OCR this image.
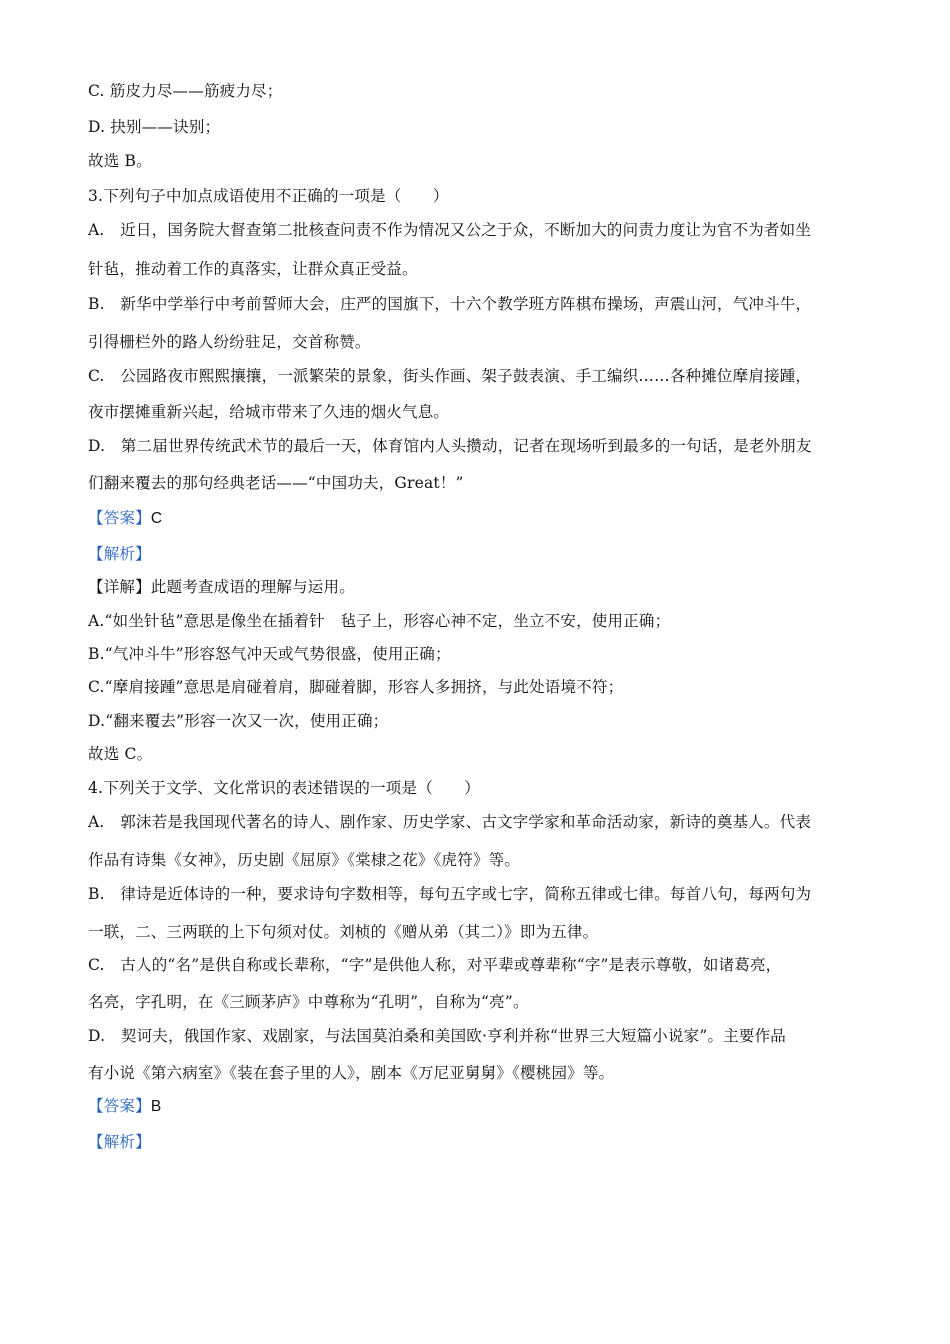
C. 筋皮力尽——筋疲力尽；

D. 抉别——诀别；

故选 B。

3.下列句子中加点成语使用不正确的一项是（　　）

A.　近日，国务院大督查第二批核查问责不作为情况又公之于众，不断加大的问责力度让为官不为者如坐

针毡，推动着工作的真落实，让群众真正受益。

B.　新华中学举行中考前誓师大会，庄严的国旗下，十六个教学班方阵棋布操场，声震山河，气冲斗牛，

引得栅栏外的路人纷纷驻足，交首称赞。

C.　公园路夜市熙熙攘攘，一派繁荣的景象，街头作画、架子鼓表演、手工编织……各种摊位摩肩接踵，

夜市摆摊重新兴起，给城市带来了久违的烟火气息。

D.　第二届世界传统武术节的最后一天，体育馆内人头攒动，记者在现场听到最多的一句话，是老外朋友

们翻来覆去的那句经典老话——“中国功夫，Great！”

【答案】C

【解析】

【详解】此题考查成语的理解与运用。

A.“如坐针毡”意思是像坐在插着针　毡子上，形容心神不定，坐立不安，使用正确；

B.“气冲斗牛”形容怒气冲天或气势很盛，使用正确；

C.“摩肩接踵”意思是肩碰着肩，脚碰着脚，形容人多拥挤，与此处语境不符；

D.“翻来覆去”形容一次又一次，使用正确；

故选 C。

4.下列关于文学、文化常识的表述错误的一项是（　　）

A.　郭沫若是我国现代著名的诗人、剧作家、历史学家、古文字学家和革命活动家，新诗的奠基人。代表

作品有诗集《女神》，历史剧《屈原》《棠棣之花》《虎符》等。

B.　律诗是近体诗的一种，要求诗句字数相等，每句五字或七字，简称五律或七律。每首八句，每两句为

一联，二、三两联的上下句须对仗。刘桢的《赠从弟（其二）》即为五律。

C.　古人的“名”是供自称或长辈称，“字”是供他人称，对平辈或尊辈称“字”是表示尊敬，如诸葛亮，

名亮，字孔明，在《三顾茅庐》中尊称为“孔明”，自称为“亮”。

D.　契诃夫，俄国作家、戏剧家，与法国莫泊桑和美国欧·亨利并称“世界三大短篇小说家”。主要作品

有小说《第六病室》《装在套子里的人》，剧本《万尼亚舅舅》《樱桃园》等。

【答案】B

【解析】
